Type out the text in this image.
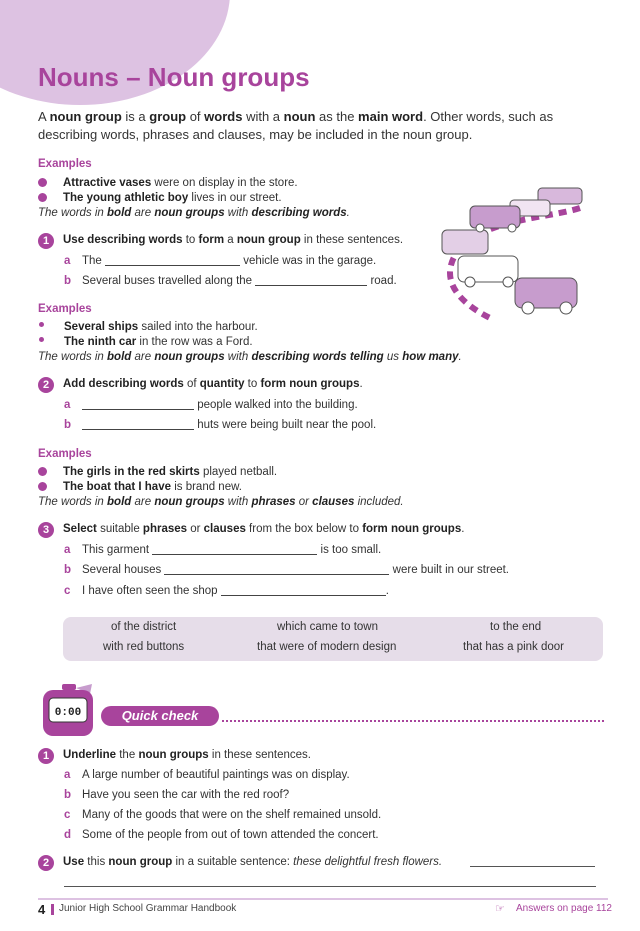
Nouns – Noun groups
A noun group is a group of words with a noun as the main word. Other words, such as describing words, phrases and clauses, may be included in the noun group.
Examples
Attractive vases were on display in the store.
The young athletic boy lives in our street.
The words in bold are noun groups with describing words.
1 Use describing words to form a noun group in these sentences.
a The	vehicle was in the garage.
b Several buses travelled along the	road.
Examples
Several ships sailed into the harbour.
The ninth car in the row was a Ford.
The words in bold are noun groups with describing words telling us how many.
2 Add describing words of quantity to form noun groups.
a	people walked into the building.
b	huts were being built near the pool.
Examples
The girls in the red skirts played netball.
The boat that I have is brand new.
The words in bold are noun groups with phrases or clauses included.
3 Select suitable phrases or clauses from the box below to form noun groups.
a This garment	is too small.
b Several houses	were built in our street.
c I have often seen the shop	.
of the district	which came to town	to the end
with red buttons	that were of modern design	that has a pink door
0:00	Quick check
1 Underline the noun groups in these sentences.
a A large number of beautiful paintings was on display.
b Have you seen the car with the red roof?
c Many of the goods that were on the shelf remained unsold.
d Some of the people from out of town attended the concert.
2 Use this noun group in a suitable sentence: these delightful fresh flowers.
4 Junior High School Grammar Handbook	☞ Answers on page 112
